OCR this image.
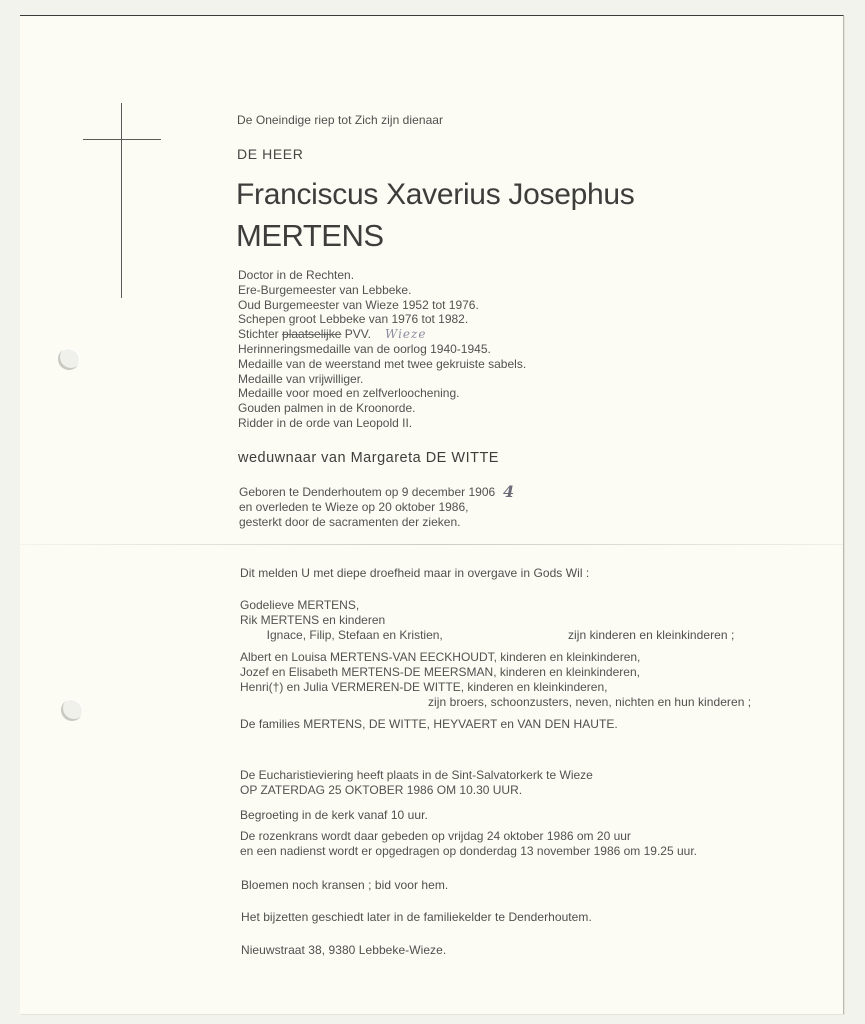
De Oneindige riep tot Zich zijn dienaar
DE HEER
Franciscus Xaverius Josephus
MERTENS
Doctor in de Rechten.
Ere-Burgemeester van Lebbeke.
Oud Burgemeester van Wieze 1952 tot 1976.
Schepen groot Lebbeke van 1976 tot 1982.
Stichter plaatselijke PVV. Wieze
Herinneringsmedaille van de oorlog 1940-1945.
Medaille van de weerstand met twee gekruiste sabels.
Medaille van vrijwilliger.
Medaille voor moed en zelfverloochening.
Gouden palmen in de Kroonorde.
Ridder in de orde van Leopold II.
weduwnaar van Margareta DE WITTE
Geboren te Denderhoutem op 9 december 1906
en overleden te Wieze op 20 oktober 1986,
gesterkt door de sacramenten der zieken.
4
Dit melden U met diepe droefheid maar in overgave in Gods Wil :
Godelieve MERTENS,
Rik MERTENS en kinderen
Ignace, Filip, Stefaan en Kristien,	zijn kinderen en kleinkinderen ;
Albert en Louisa MERTENS-VAN EECKHOUDT, kinderen en kleinkinderen,
Jozef en Elisabeth MERTENS-DE MEERSMAN, kinderen en kleinkinderen,
Henri(†) en Julia VERMEREN-DE WITTE, kinderen en kleinkinderen,
zijn broers, schoonzusters, neven, nichten en hun kinderen ;
De families MERTENS, DE WITTE, HEYVAERT en VAN DEN HAUTE.
De Eucharistieviering heeft plaats in de Sint-Salvatorkerk te Wieze
OP ZATERDAG 25 OKTOBER 1986 OM 10.30 UUR.
Begroeting in de kerk vanaf 10 uur.
De rozenkrans wordt daar gebeden op vrijdag 24 oktober 1986 om 20 uur
en een nadienst wordt er opgedragen op donderdag 13 november 1986 om 19.25 uur.
Bloemen noch kransen ; bid voor hem.
Het bijzetten geschiedt later in de familiekelder te Denderhoutem.
Nieuwstraat 38, 9380 Lebbeke-Wieze.
